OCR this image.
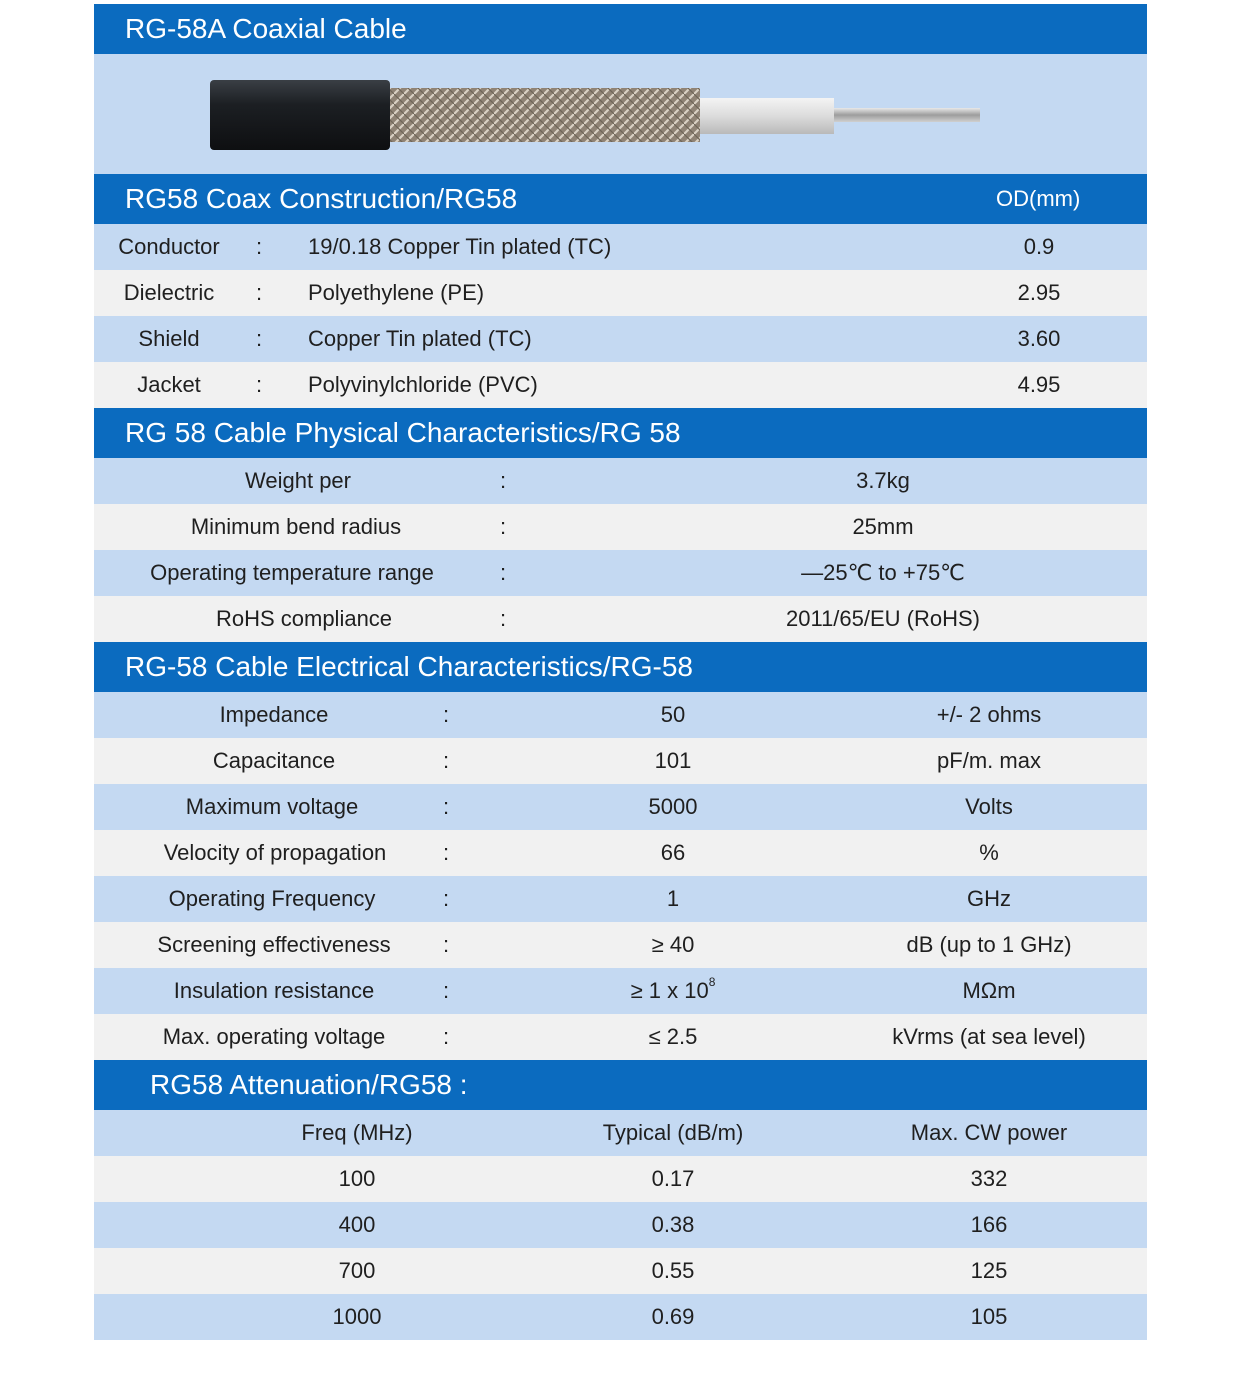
RG-58A Coaxial Cable
RG58 Coax Construction/RG58	OD(mm)
Conductor : 19/0.18 Copper Tin plated (TC)	0.9
Dielectric : Polyethylene (PE)	2.95
Shield	: Copper Tin plated (TC)	3.60
Jacket	: Polyvinylchloride (PVC)	4.95
RG 58 Cable Physical Characteristics/RG 58
Weight per	:	3.7kg
Minimum bend radius	:	25mm
Operating temperature range	:	—25℃ to +75℃
RoHS compliance	:	2011/65/EU (RoHS)
RG-58 Cable Electrical Characteristics/RG-58
Impedance	:	50	+/- 2 ohms
Capacitance	:	101	pF/m. max
Maximum voltage	:	5000	Volts
Velocity of propagation	:	66	%
Operating Frequency	:	1	GHz
Screening effectiveness :	≥ 40	dB (up to 1 GHz)
Insulation resistance	:	≥ 1 x $10^8$	MΩm
Max. operating voltage	:	≤ 2.5	kVrms (at sea level)
RG58 Attenuation/RG58 :
Freq (MHz)	Typical (dB/m)	Max. CW power
100	0.17	332
400	0.38	166
700	0.55	125
1000	0.69	105
